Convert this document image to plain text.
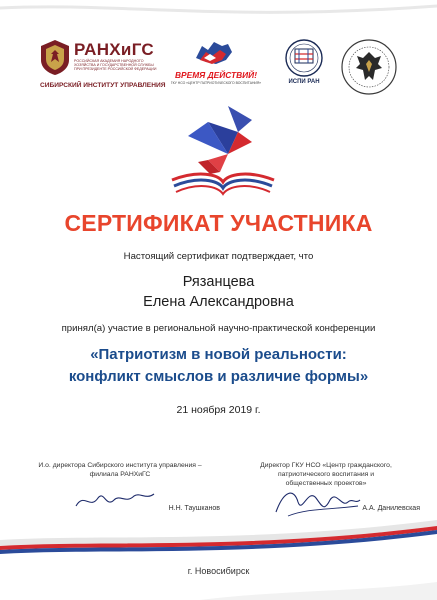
РАНХиГС
РОССИЙСКАЯ АКАДЕМИЯ НАРОДНОГО ХОЗЯЙСТВА И ГОСУДАРСТВЕННОЙ СЛУЖБЫ ПРИ ПРЕЗИДЕНТЕ РОССИЙСКОЙ ФЕДЕРАЦИИ
СИБИРСКИЙ ИНСТИТУТ УПРАВЛЕНИЯ
ВРЕМЯ ДЕЙСТВИЙ!
ГКУ НСО «ЦЕНТР ПАТРИОТИЧЕСКОГО ВОСПИТАНИЯ»	ИСПИ РАН
СЕРТИФИКАТ УЧАСТНИКА
Настоящий сертификат подтверждает, что
Рязанцева
Елена Александровна
принял(а) участие в региональной научно-практической конференции
«Патриотизм в новой реальности:
конфликт смыслов и различие формы»
21 ноября 2019 г.
И.о. директора Сибирского института управления –
филиала РАНХиГС
Н.Н. Таушканов
Директор ГКУ НСО «Центр гражданского,
патриотического воспитания и
общественных проектов»
А.А. Данилевская
г. Новосибирск
